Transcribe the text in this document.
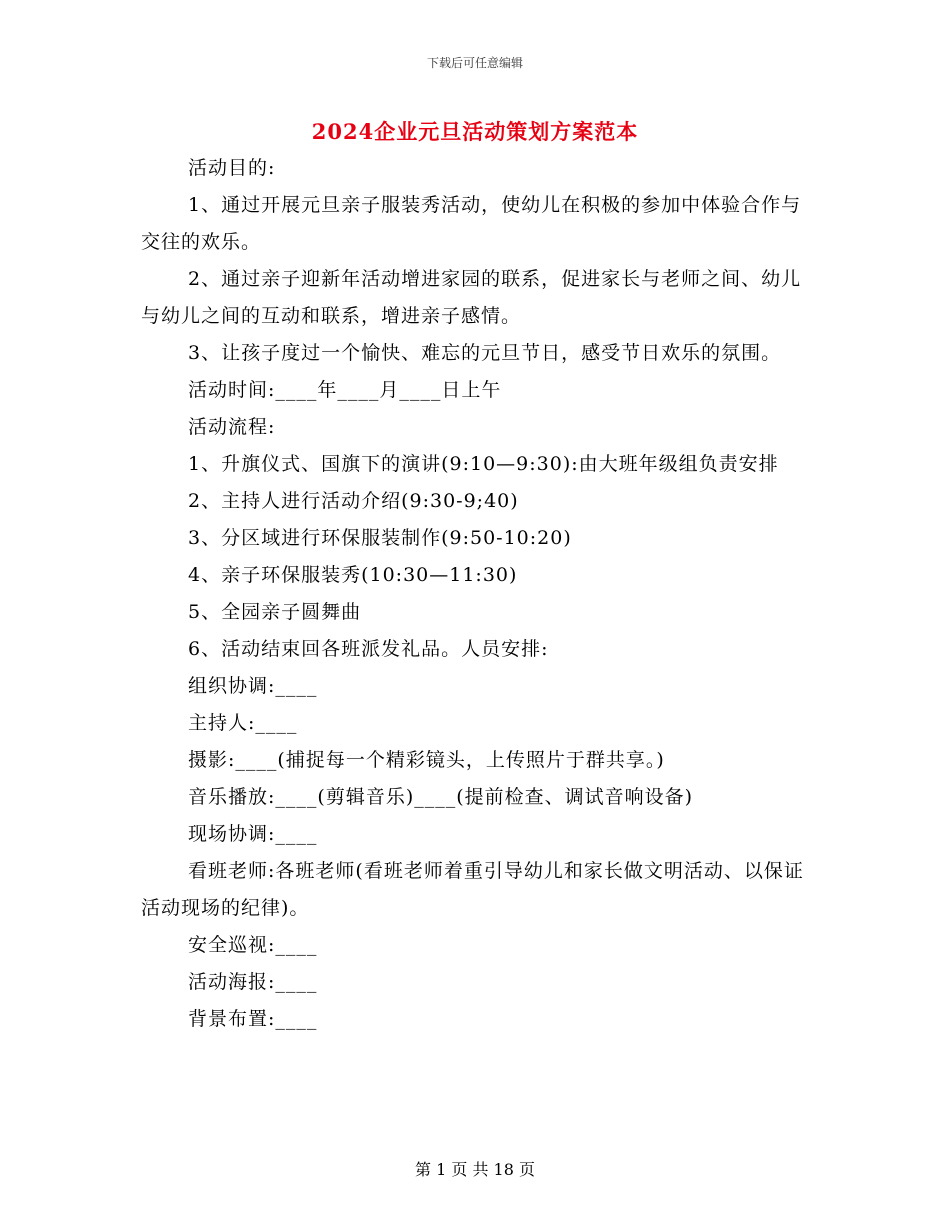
下载后可任意编辑
2024企业元旦活动策划方案范本

活动目的:

1、通过开展元旦亲子服装秀活动，使幼儿在积极的参加中体验合作与交往的欢乐。

2、通过亲子迎新年活动增进家园的联系，促进家长与老师之间、幼儿与幼儿之间的互动和联系，增进亲子感情。

3、让孩子度过一个愉快、难忘的元旦节日，感受节日欢乐的氛围。

活动时间:____年____月____日上午

活动流程:

1、升旗仪式、国旗下的演讲(9:10—9:30):由大班年级组负责安排

2、主持人进行活动介绍(9:30-9;40)

3、分区域进行环保服装制作(9:50-10:20)

4、亲子环保服装秀(10:30—11:30)

5、全园亲子圆舞曲

6、活动结束回各班派发礼品。人员安排:

组织协调:____

主持人:____

摄影:____(捕捉每一个精彩镜头，上传照片于群共享。)

音乐播放:____(剪辑音乐)____(提前检查、调试音响设备)

现场协调:____

看班老师:各班老师(看班老师着重引导幼儿和家长做文明活动、以保证活动现场的纪律)。

安全巡视:____

活动海报:____

背景布置:____

第 1 页 共 18 页
